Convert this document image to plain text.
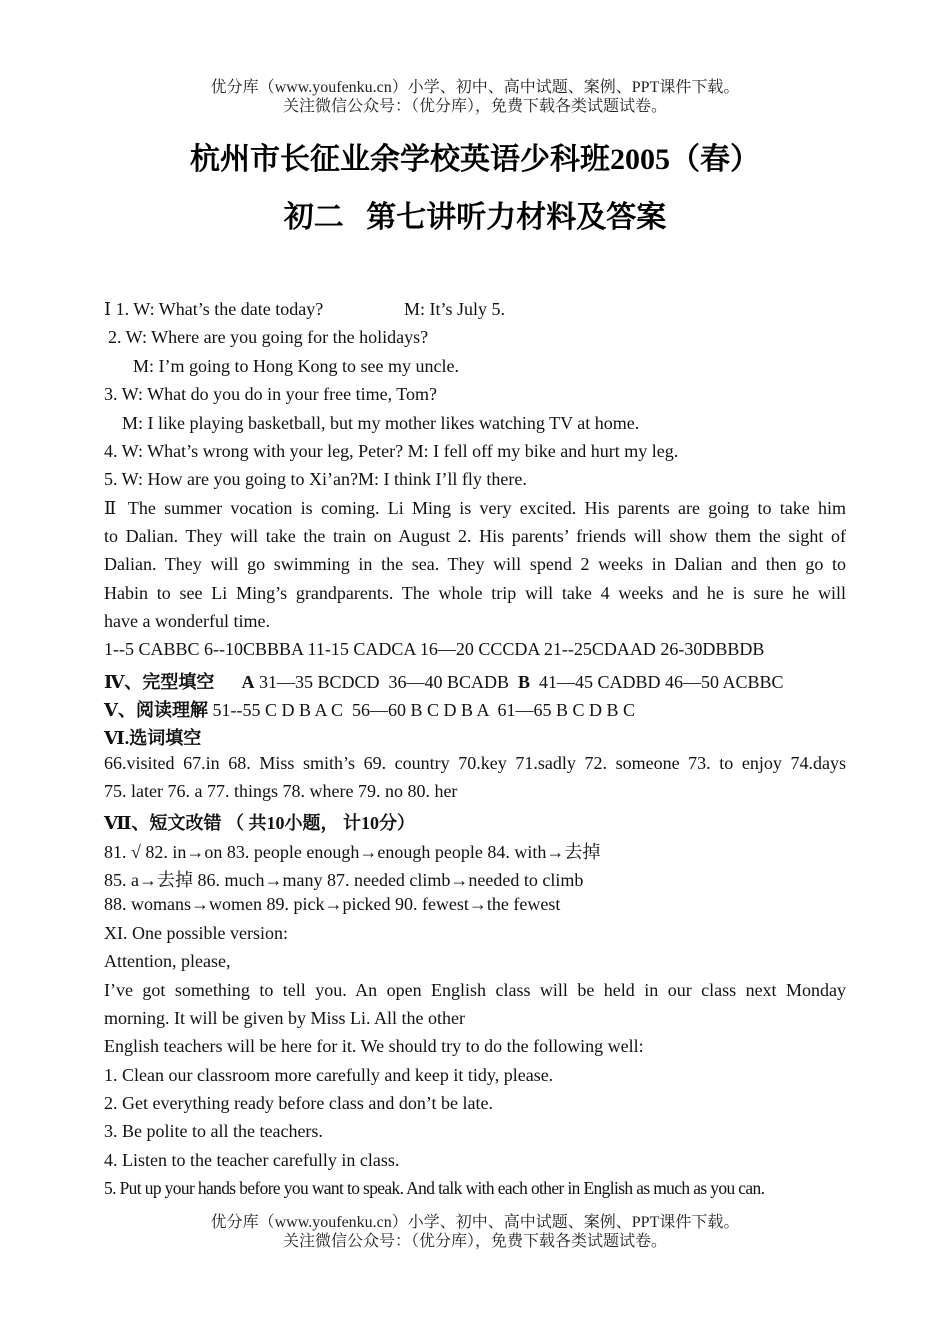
优分库（www.youfenku.cn）小学、初中、高中试题、案例、PPT课件下载。
关注微信公众号：（优分库），免费下载各类试题试卷。
杭州市长征业余学校英语少科班2005（春）
初二   第七讲听力材料及答案
Ⅰ 1. W: What’s the date today?	M: It’s July 5.
2. W: Where are you going for the holidays?
M: I’m going to Hong Kong to see my uncle.
3. W: What do you do in your free time, Tom?
M: I like playing basketball, but my mother likes watching TV at home.
4. W: What’s wrong with your leg, Peter? M: I fell off my bike and hurt my leg.
5. W: How are you going to Xi’an?M: I think I’ll fly there.
Ⅱ The summer vocation is coming. Li Ming is very excited. His parents are going to take him
to Dalian. They will take the train on August 2. His parents’ friends will show them the sight of
Dalian. They will go swimming in the sea. They will spend 2 weeks in Dalian and then go to
Habin to see Li Ming’s grandparents. The whole trip will take 4 weeks and he is sure he will
have a wonderful time.
1--5 CABBC 6--10CBBBA 11-15 CADCA 16—20 CCCDA 21--25CDAAD 26-30DBBDB
Ⅳ、完型填空 A 31—35 BCDCD  36—40 BCADB  B  41—45 CADBD 46—50 ACBBC
Ⅴ、阅读理解 51--55 C D B A C  56—60 B C D B A  61—65 B C D B C
Ⅵ.选词填空
66.visited 67.in 68. Miss smith’s 69. country 70.key 71.sadly 72. someone 73. to enjoy 74.days
75. later 76. a 77. things 78. where 79. no 80. her
Ⅶ、短文改错 （ 共10小题， 计10分）
81. √ 82. in→on 83. people enough→enough people 84. with→去掉
85. a→去掉 86. much→many 87. needed climb→needed to climb
88. womans→women 89. pick→picked 90. fewest→the fewest
XI. One possible version:
Attention, please,
I’ve got something to tell you. An open English class will be held in our class next Monday
morning. It will be given by Miss Li. All the other
English teachers will be here for it. We should try to do the following well:
1. Clean our classroom more carefully and keep it tidy, please.
2. Get everything ready before class and don’t be late.
3. Be polite to all the teachers.
4. Listen to the teacher carefully in class.
5. Put up your hands before you want to speak. And talk with each other in English as much as you can.
优分库（www.youfenku.cn）小学、初中、高中试题、案例、PPT课件下载。
关注微信公众号：（优分库），免费下载各类试题试卷。
